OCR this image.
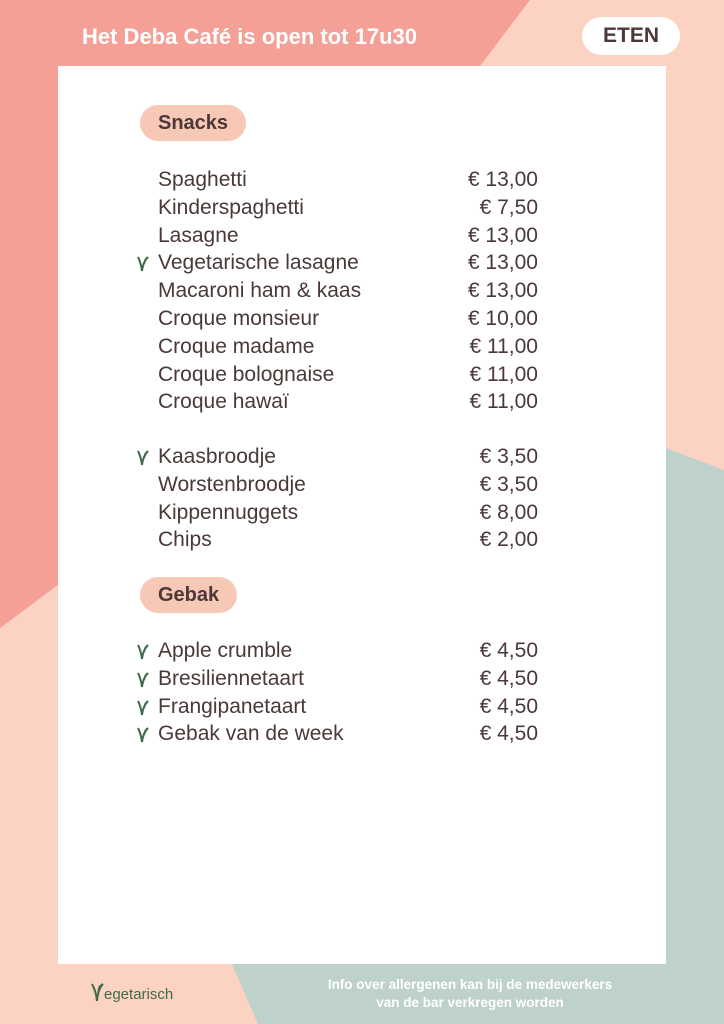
Het Deba Café is open tot 17u30	ETEN
Snacks
Spaghetti	€ 13,00
Kinderspaghetti	€ 7,50
Lasagne	€ 13,00
Vegetarische lasagne	€ 13,00
Macaroni ham & kaas	€ 13,00
Croque monsieur	€ 10,00
Croque madame	€ 11,00
Croque bolognaise	€ 11,00
Croque hawaï	€ 11,00
Kaasbroodje	€ 3,50
Worstenbroodje	€ 3,50
Kippennuggets	€ 8,00
Chips	€ 2,00
Gebak
Apple crumble	€ 4,50
Bresiliennetaart	€ 4,50
Frangipanetaart	€ 4,50
Gebak van de week	€ 4,50
egetarisch
Info over allergenen kan bij de medewerkers
van de bar verkregen worden
